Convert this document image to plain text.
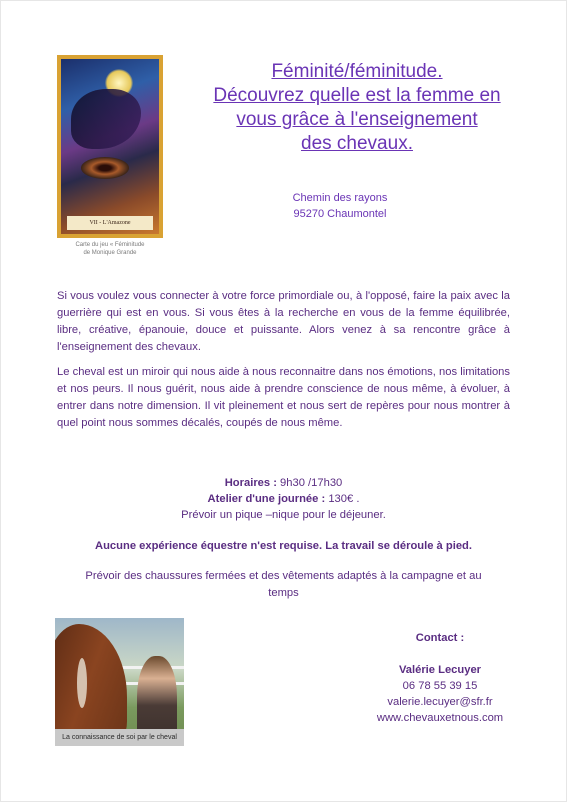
VII - L'Amazone
Carte du jeu « Féminitude
de Monique Grande
Féminité/féminitude.
Découvrez quelle est la femme en
vous grâce à l'enseignement
des chevaux.
Chemin des rayons
95270 Chaumontel

Si vous voulez vous connecter à votre force primordiale ou, à l'opposé, faire la paix avec la guerrière qui est en vous. Si vous êtes à la recherche en vous de la femme équilibrée, libre, créative, épanouie, douce et puissante. Alors venez à sa rencontre grâce à l'enseignement des chevaux.

Le cheval est un miroir qui nous aide à nous reconnaitre dans nos émotions, nos limitations et nos peurs. Il nous guérit, nous aide à prendre conscience de nous même, à évoluer, à entrer dans notre dimension. Il vit pleinement et nous sert de repères pour nous montrer à quel point nous sommes décalés, coupés de nous même.

Horaires : 9h30 /17h30
Atelier d'une journée : 130€ .
Prévoir un pique –nique pour le déjeuner.
Aucune expérience équestre n'est requise. La travail se déroule à pied.
Prévoir des chaussures fermées et des vêtements adaptés à la campagne et au
temps
La connaissance de soi par le cheval
Contact :
Valérie Lecuyer
06 78 55 39 15
valerie.lecuyer@sfr.fr
www.chevauxetnous.com
